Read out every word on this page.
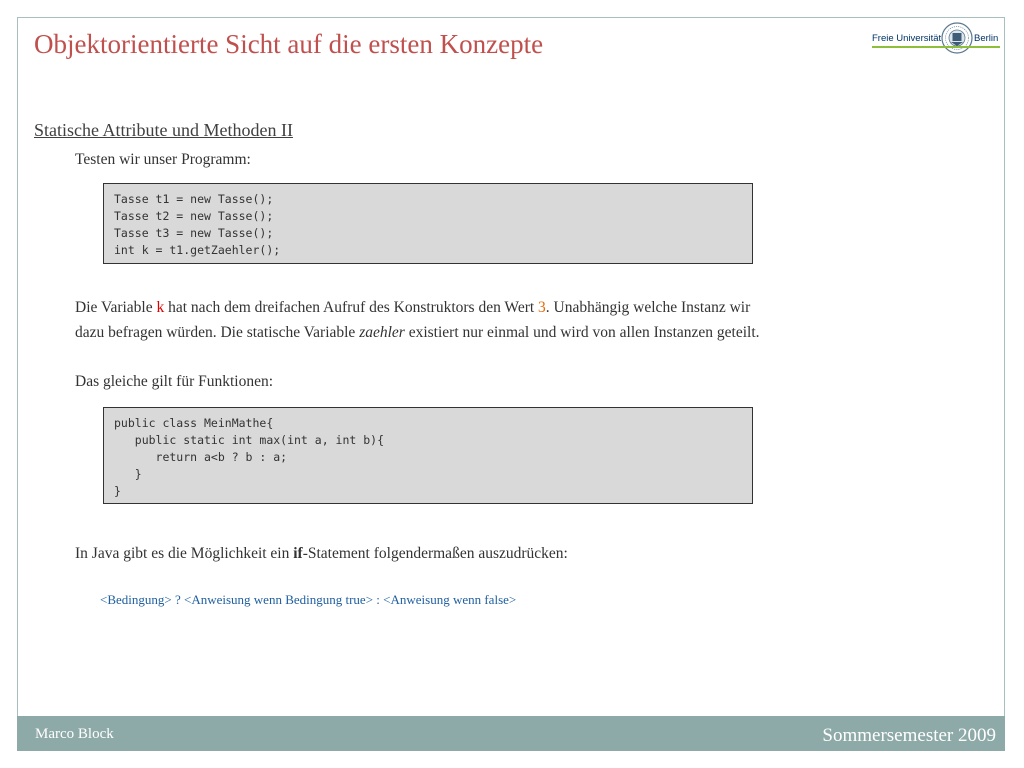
Objektorientierte Sicht auf die ersten Konzepte	Freie Universität	Berlin
Statische Attribute und Methoden II
Testen wir unser Programm:
Tasse t1 = new Tasse();
Tasse t2 = new Tasse();
Tasse t3 = new Tasse();
int k = t1.getZaehler();
Die Variable k hat nach dem dreifachen Aufruf des Konstruktors den Wert 3. Unabhängig welche Instanz wir
dazu befragen würden. Die statische Variable zaehler existiert nur einmal und wird von allen Instanzen geteilt.
Das gleiche gilt für Funktionen:
public class MeinMathe{
public static int max(int a, int b){
return a<b ? b : a;
}
}
In Java gibt es die Möglichkeit ein if-Statement folgendermaßen auszudrücken:
<Bedingung> ? <Anweisung wenn Bedingung true> : <Anweisung wenn false>
Marco Block	Sommersemester 2009
